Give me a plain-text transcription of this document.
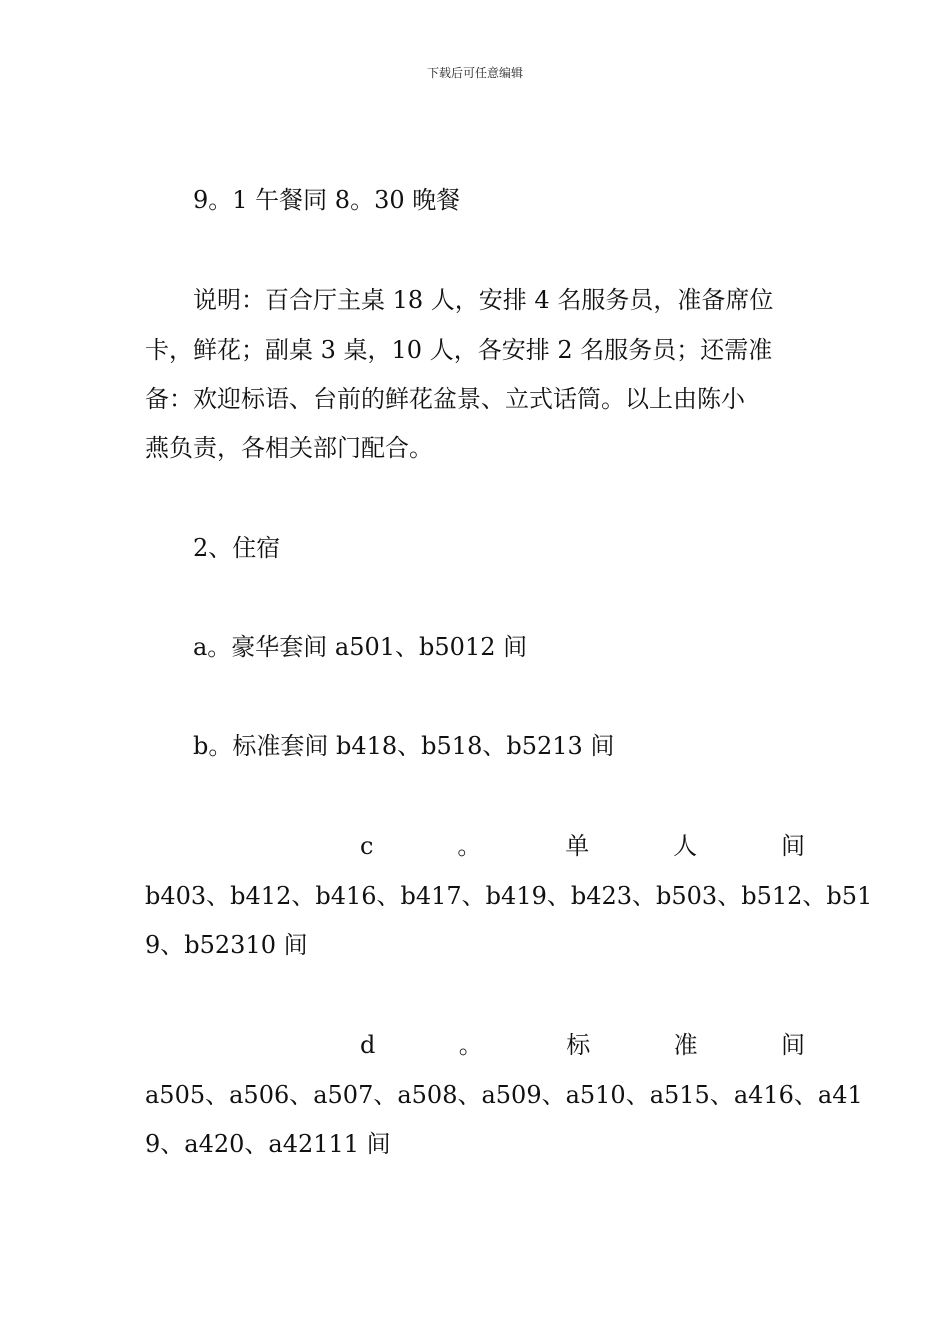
下载后可任意编辑
9。1 午餐同 8。30 晚餐
说明：百合厅主桌 18 人，安排 4 名服务员，准备席位
卡，鲜花；副桌 3 桌，10 人，各安排 2 名服务员；还需准
备：欢迎标语、台前的鲜花盆景、立式话筒。以上由陈小
燕负责，各相关部门配合。
2、住宿
a。豪华套间 a501、b5012 间
b。标准套间 b418、b518、b5213 间
c	。	单	人	间
b403、b412、b416、b417、b419、b423、b503、b512、b51
9、b52310 间
d	。	标	准	间
a505、a506、a507、a508、a509、a510、a515、a416、a41
9、a420、a42111 间
